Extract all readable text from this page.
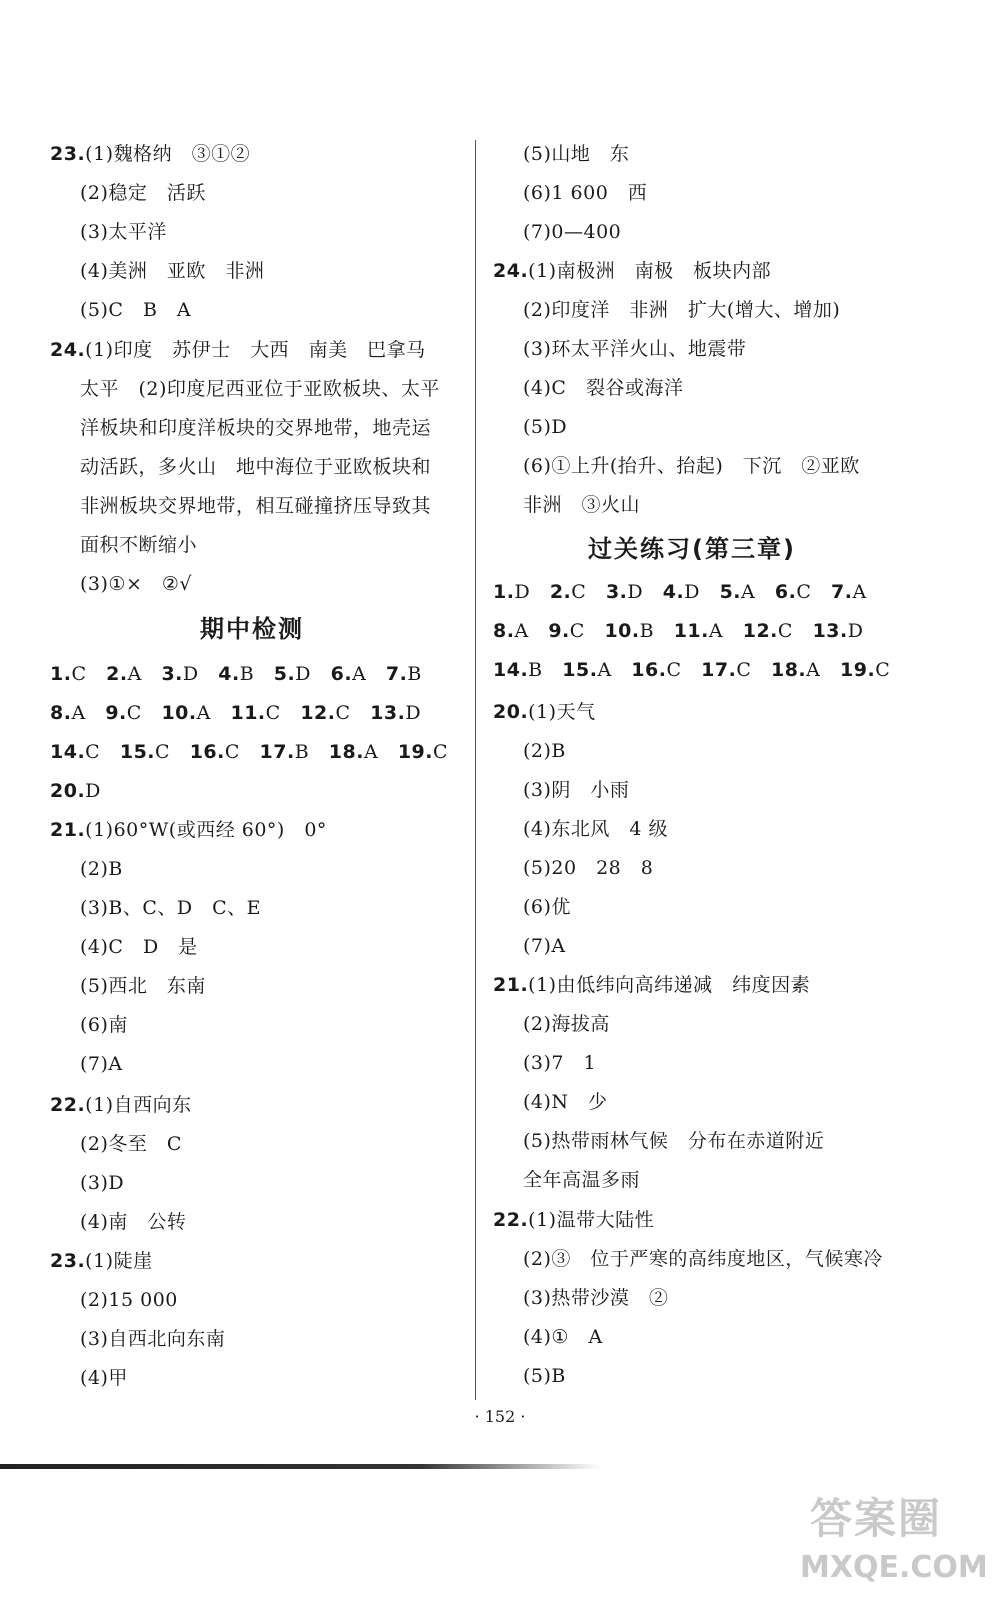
23.(1)魏格纳　③①②
(2)稳定　活跃
(3)太平洋
(4)美洲　亚欧　非洲
(5)C　B　A
24.(1)印度　苏伊士　大西　南美　巴拿马
太平　(2)印度尼西亚位于亚欧板块、太平
洋板块和印度洋板块的交界地带，地壳运
动活跃，多火山　地中海位于亚欧板块和
非洲板块交界地带，相互碰撞挤压导致其
面积不断缩小
(3)①×　②√
期中检测
1.C 2.A 3.D 4.B 5.D 6.A 7.B
8.A 9.C 10.A 11.C 12.C 13.D
14.C 15.C 16.C 17.B 18.A 19.C
20.D
21.(1)60°W(或西经 60°)　0°
(2)B
(3)B、C、D　C、E
(4)C　D　是
(5)西北　东南
(6)南
(7)A
22.(1)自西向东
(2)冬至　C
(3)D
(4)南　公转
23.(1)陡崖
(2)15 000
(3)自西北向东南
(4)甲
(5)山地　东
(6)1 600　西
(7)0—400
24.(1)南极洲　南极　板块内部
(2)印度洋　非洲　扩大(增大、增加)
(3)环太平洋火山、地震带
(4)C　裂谷或海洋
(5)D
(6)①上升(抬升、抬起)　下沉　②亚欧
非洲　③火山
过关练习(第三章)
1.D 2.C 3.D 4.D 5.A 6.C 7.A
8.A 9.C 10.B 11.A 12.C 13.D
14.B 15.A 16.C 17.C 18.A 19.C
20.(1)天气
(2)B
(3)阴　小雨
(4)东北风　4 级
(5)20　28　8
(6)优
(7)A
21.(1)由低纬向高纬递减　纬度因素
(2)海拔高
(3)7　1
(4)N　少
(5)热带雨林气候　分布在赤道附近
全年高温多雨
22.(1)温带大陆性
(2)③　位于严寒的高纬度地区，气候寒冷
(3)热带沙漠　②
(4)①　A
(5)B
· 152 ·
答案圈
MXQE.COM
